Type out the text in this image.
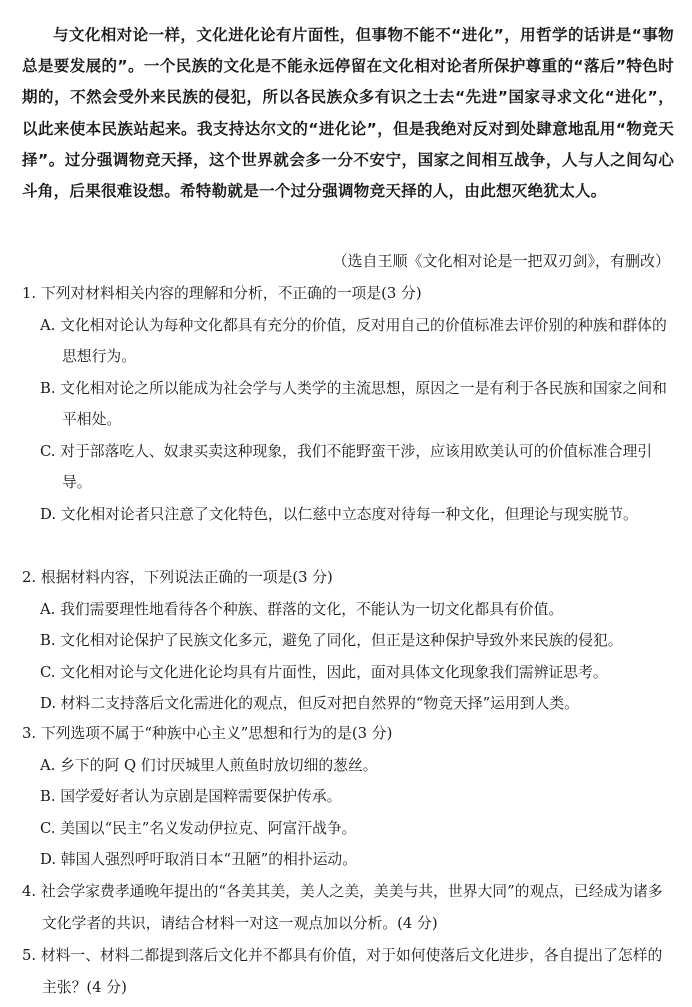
与文化相对论一样，文化进化论有片面性，但事物不能不“进化”，用哲学的话讲是“事物总是要发展的”。一个民族的文化是不能永远停留在文化相对论者所保护尊重的“落后”特色时期的，不然会受外来民族的侵犯，所以各民族众多有识之士去“先进”国家寻求文化“进化”，以此来使本民族站起来。我支持达尔文的“进化论”，但是我绝对反对到处肆意地乱用“物竞天择”。过分强调物竞天择，这个世界就会多一分不安宁，国家之间相互战争，人与人之间勾心斗角，后果很难设想。希特勒就是一个过分强调物竞天择的人，由此想灭绝犹太人。

（选自王顺《文化相对论是一把双刃剑》，有删改）
1. 下列对材料相关内容的理解和分析，不正确的一项是(3 分)
A. 文化相对论认为每种文化都具有充分的价值，反对用自己的价值标准去评价别的种族和群体的思想行为。
B. 文化相对论之所以能成为社会学与人类学的主流思想，原因之一是有利于各民族和国家之间和平相处。
C. 对于部落吃人、奴隶买卖这种现象，我们不能野蛮干涉，应该用欧美认可的价值标准合理引导。
D. 文化相对论者只注意了文化特色，以仁慈中立态度对待每一种文化，但理论与现实脱节。
2. 根据材料内容，下列说法正确的一项是(3 分)
A. 我们需要理性地看待各个种族、群落的文化，不能认为一切文化都具有价值。
B. 文化相对论保护了民族文化多元，避免了同化，但正是这种保护导致外来民族的侵犯。
C. 文化相对论与文化进化论均具有片面性，因此，面对具体文化现象我们需辨证思考。
D. 材料二支持落后文化需进化的观点，但反对把自然界的“物竞天择”运用到人类。
3. 下列选项不属于“种族中心主义”思想和行为的是(3 分)
A. 乡下的阿 Q 们讨厌城里人煎鱼时放切细的葱丝。
B. 国学爱好者认为京剧是国粹需要保护传承。
C. 美国以“民主”名义发动伊拉克、阿富汗战争。
D. 韩国人强烈呼吁取消日本“丑陋”的相扑运动。
4. 社会学家费孝通晚年提出的“各美其美，美人之美，美美与共，世界大同”的观点，已经成为诸多文化学者的共识，请结合材料一对这一观点加以分析。(4 分)
5. 材料一、材料二都提到落后文化并不都具有价值，对于如何使落后文化进步，各自提出了怎样的主张？(4 分)
